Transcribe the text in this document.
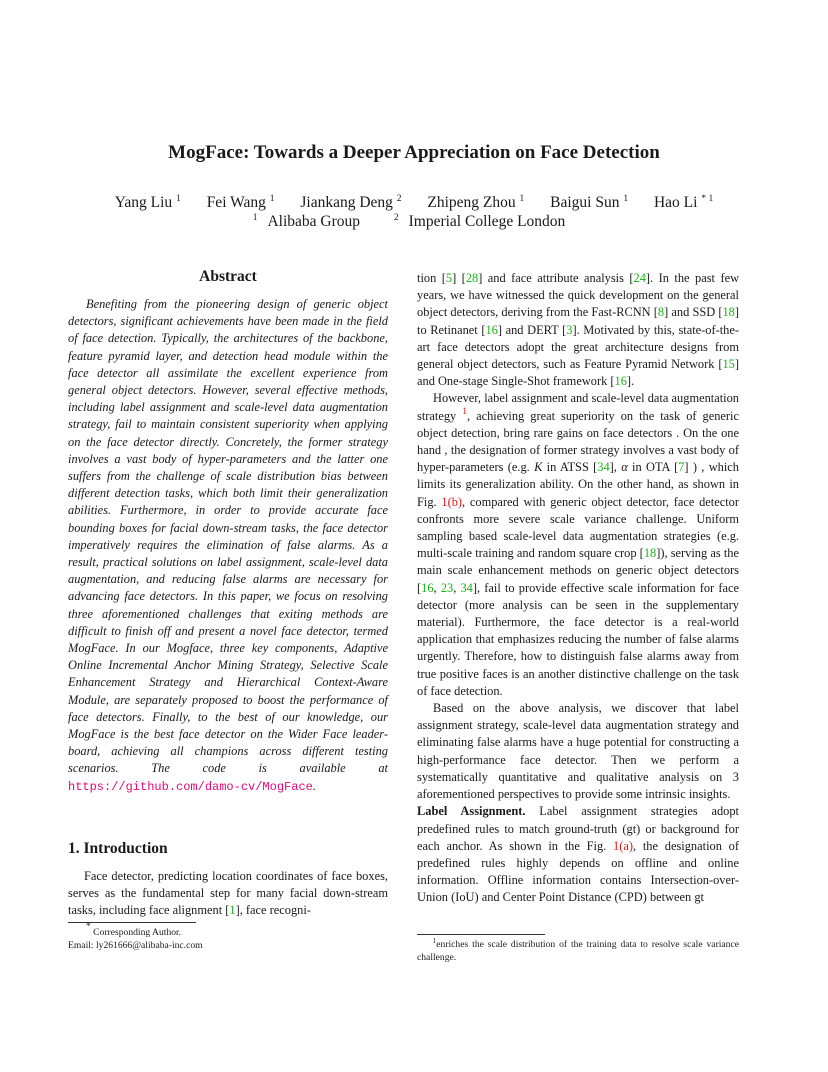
MogFace: Towards a Deeper Appreciation on Face Detection
Yang Liu $^1$ Fei Wang $^1$ Jiankang Deng $^2$ Zhipeng Zhou $^1$ Baigui Sun $^1$ Hao Li $^{* 1}$
$^1$ Alibaba Group	$^2$ Imperial College London
Abstract

Benefiting from the pioneering design of generic object detectors, significant achievements have been made in the field of face detection. Typically, the architectures of the backbone, feature pyramid layer, and detection head module within the face detector all assimilate the excellent experience from general object detectors. However, several effective methods, including label assignment and scale-level data augmentation strategy, fail to maintain consistent superiority when applying on the face detector directly. Concretely, the former strategy involves a vast body of hyper-parameters and the latter one suffers from the challenge of scale distribution bias between different detection tasks, which both limit their generalization abilities. Furthermore, in order to provide accurate face bounding boxes for facial down-stream tasks, the face detector imperatively requires the elimination of false alarms. As a result, practical solutions on label assignment, scale-level data augmentation, and reducing false alarms are necessary for advancing face detectors. In this paper, we focus on resolving three aforementioned challenges that exiting methods are difficult to finish off and present a novel face detector, termed MogFace. In our Mogface, three key components, Adaptive Online Incremental Anchor Mining Strategy, Selective Scale Enhancement Strategy and Hierarchical Context-Aware Module, are separately proposed to boost the performance of face detectors. Finally, to the best of our knowledge, our MogFace is the best face detector on the Wider Face leader-board, achieving all champions across different testing scenarios. The code is available at https://github.com/damo-cv/MogFace.

1. Introduction

Face detector, predicting location coordinates of face boxes, serves as the fundamental step for many facial down-stream tasks, including face alignment [1], face recogni-

tion [5] [28] and face attribute analysis [24]. In the past few years, we have witnessed the quick development on the general object detectors, deriving from the Fast-RCNN [8] and SSD [18] to Retinanet [16] and DERT [3]. Motivated by this, state-of-the-art face detectors adopt the great architecture designs from general object detectors, such as Feature Pyramid Network [15] and One-stage Single-Shot framework [16].

However, label assignment and scale-level data augmentation strategy $^1$, achieving great superiority on the task of generic object detection, bring rare gains on face detectors . On the one hand , the designation of former strategy involves a vast body of hyper-parameters (e.g. K in ATSS [34], α in OTA [7] ) , which limits its generalization ability. On the other hand, as shown in Fig. 1(b), compared with generic object detector, face detector confronts more severe scale variance challenge. Uniform sampling based scale-level data augmentation strategies (e.g. multi-scale training and random square crop [18]), serving as the main scale enhancement methods on generic object detectors [16, 23, 34], fail to provide effective scale information for face detector (more analysis can be seen in the supplementary material). Furthermore, the face detector is a real-world application that emphasizes reducing the number of false alarms urgently. Therefore, how to distinguish false alarms away from true positive faces is an another distinctive challenge on the task of face detection.

Based on the above analysis, we discover that label assignment strategy, scale-level data augmentation strategy and eliminating false alarms have a huge potential for constructing a high-performance face detector. Then we perform a systematically quantitative and qualitative analysis on 3 aforementioned perspectives to provide some intrinsic insights.

Label Assignment. Label assignment strategies adopt predefined rules to match ground-truth (gt) or background for each anchor. As shown in the Fig. 1(a), the designation of predefined rules highly depends on offline and online information. Offline information contains Intersection-over-Union (IoU) and Center Point Distance (CPD) between gt

* Corresponding Author.
Email: ly261666@alibaba-inc.com	$^1$enriches the scale distribution of the training data to resolve scale variance challenge.
